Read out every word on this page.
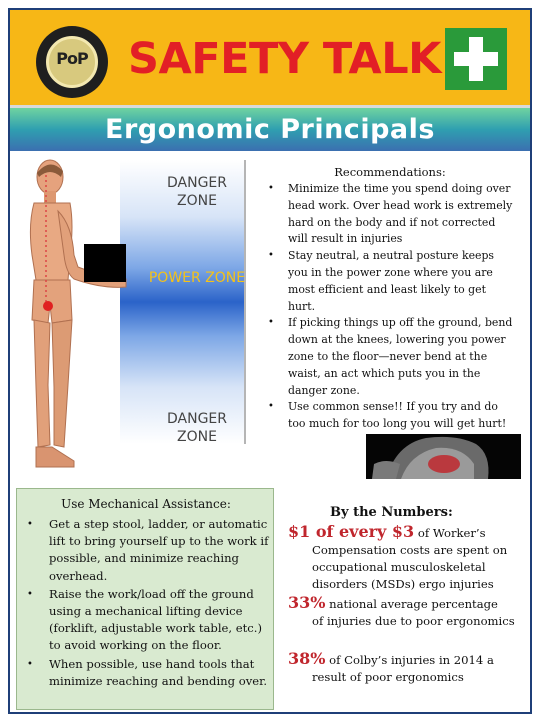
PoP SAFETY TALK
Ergonomic Principals
DANGER ZONE
POWER ZONE
DANGER ZONE
Recommendations:
• Minimize the time you spend doing over head work. Over head work is extremely hard on the body and if not corrected will result in injuries
• Stay neutral, a neutral posture keeps you in the power zone where you are most efficient and least likely to get hurt.
• If picking things up off the ground, bend down at the knees, lowering you power zone to the floor—never bend at the waist, an act which puts you in the danger zone.
• Use common sense!! If you try and do too much for too long you will get hurt!
Use Mechanical Assistance:
• Get a step stool, ladder, or automatic lift to bring yourself up to the work if possible, and minimize reaching overhead.
• Raise the work/load off the ground using a mechanical lifting device (forklift, adjustable work table, etc.) to avoid working on the floor.
• When possible, use hand tools that minimize reaching and bending over.
By the Numbers:
$1 of every $3 of Worker’s
Compensation costs are spent on occupational musculoskeletal disorders (MSDs) ergo injuries
33% national average percentage
of injuries due to poor ergonomics
38% of Colby’s injuries in 2014 a
result of poor ergonomics
